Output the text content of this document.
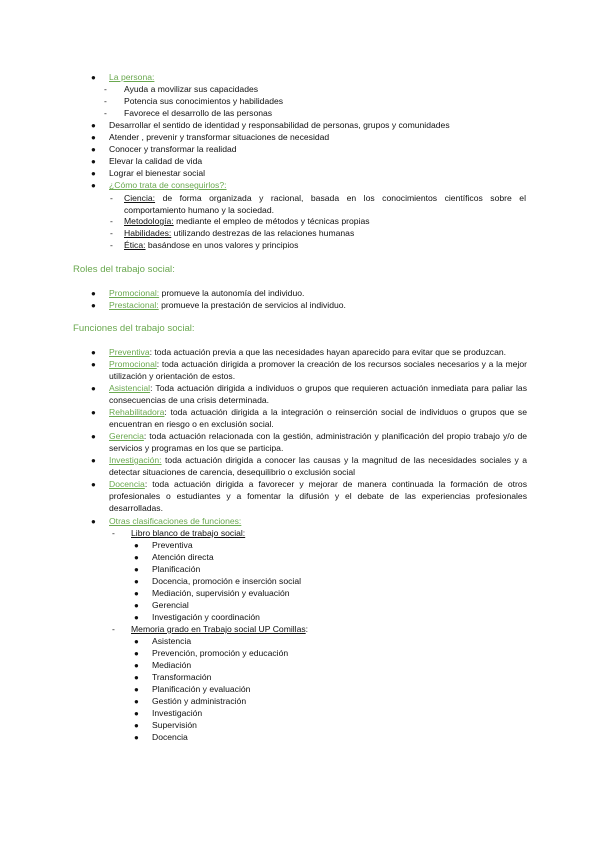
● La persona:
- Ayuda a movilizar sus capacidades
- Potencia sus conocimientos y habilidades
- Favorece el desarrollo de las personas
● Desarrollar el sentido de identidad y responsabilidad de personas, grupos y comunidades
● Atender , prevenir y transformar situaciones de necesidad
● Conocer y transformar la realidad
● Elevar la calidad de vida
● Lograr el bienestar social
● ¿Cómo trata de conseguirlos?:
- Ciencia: de forma organizada y racional, basada en los conocimientos científicos sobre el comportamiento humano y la sociedad.
- Metodología: mediante el empleo de métodos y técnicas propias
- Habilidades: utilizando destrezas de las relaciones humanas
- Ética: basándose en unos valores y principios
Roles del trabajo social:
● Promocional: promueve la autonomía del individuo.
● Prestacional: promueve la prestación de servicios al individuo.
Funciones del trabajo social:
● Preventiva: toda actuación previa a que las necesidades hayan aparecido para evitar que se produzcan.
● Promocional: toda actuación dirigida a promover la creación de los recursos sociales necesarios y a la mejor utilización y orientación de estos.
● Asistencial: Toda actuación dirigida a individuos o grupos que requieren actuación inmediata para paliar las consecuencias de una crisis determinada.
● Rehabilitadora: toda actuación dirigida a la integración o reinserción social de individuos o grupos que se encuentran en riesgo o en exclusión social.
● Gerencia: toda actuación relacionada con la gestión, administración y planificación del propio trabajo y/o de servicios y programas en los que se participa.
● Investigación: toda actuación dirigida a conocer las causas y la magnitud de las necesidades sociales y a detectar situaciones de carencia, desequilibrio o exclusión social
● Docencia: toda actuación dirigida a favorecer y mejorar de manera continuada la formación de otros profesionales o estudiantes y a fomentar la difusión y el debate de las experiencias profesionales desarrolladas.
● Otras clasificaciones de funciones:
- Libro blanco de trabajo social:
● Preventiva
● Atención directa
● Planificación
● Docencia, promoción e inserción social
● Mediación, supervisión y evaluación
● Gerencial
● Investigación y coordinación
- Memoria grado en Trabajo social UP Comillas:
● Asistencia
● Prevención, promoción y educación
● Mediación
● Transformación
● Planificación y evaluación
● Gestión y administración
● Investigación
● Supervisión
● Docencia
